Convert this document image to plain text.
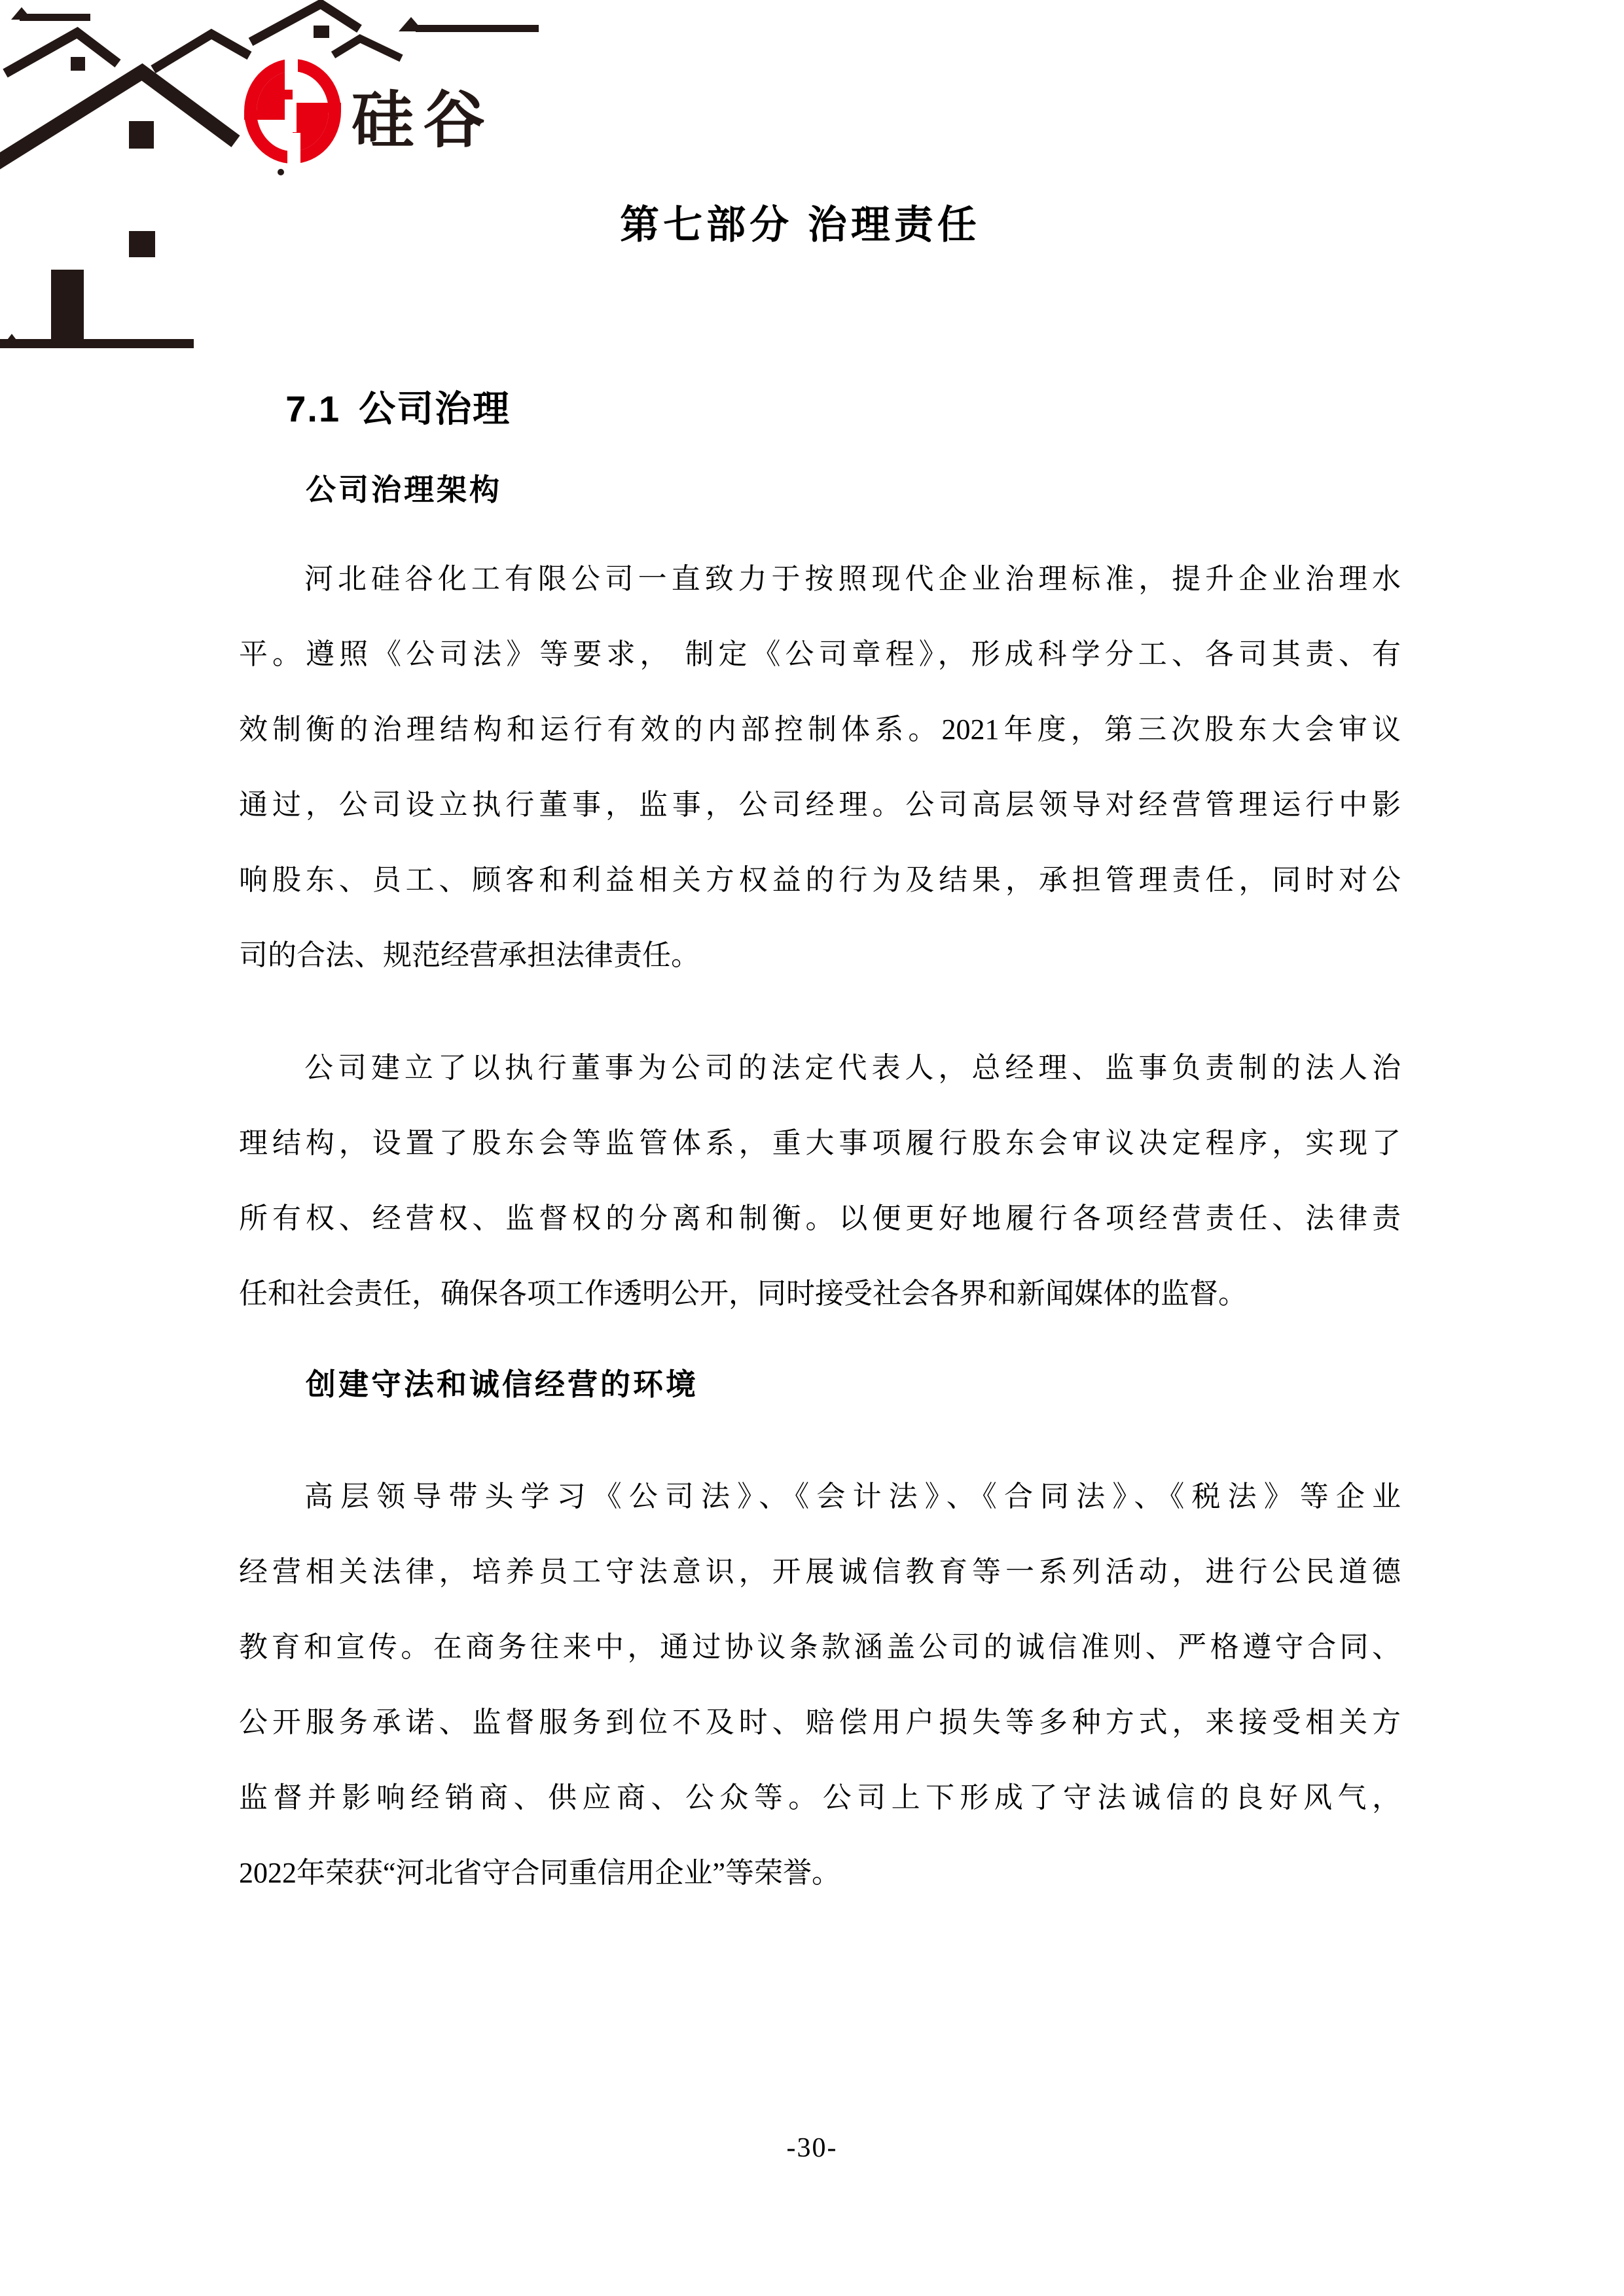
硅谷
第七部分 治理责任

7.1 公司治理

公司治理架构
河北硅谷化工有限公司一直致力于按照现代企业治理标准，提升企业治理水
平。遵照《公司法》等要求， 制定《公司章程》，形成科学分工、各司其责、有
效制衡的治理结构和运行有效的内部控制体系。2021年度，第三次股东大会审议
通过，公司设立执行董事，监事，公司经理。公司高层领导对经营管理运行中影
响股东、员工、顾客和利益相关方权益的行为及结果，承担管理责任，同时对公
司的合法、规范经营承担法律责任。
公司建立了以执行董事为公司的法定代表人，总经理、监事负责制的法人治
理结构，设置了股东会等监管体系，重大事项履行股东会审议决定程序，实现了
所有权、经营权、监督权的分离和制衡。以便更好地履行各项经营责任、法律责
任和社会责任，确保各项工作透明公开，同时接受社会各界和新闻媒体的监督。
创建守法和诚信经营的环境
高层领导带头学习《公司法》、《会计法》、《合同法》、《税法》等企业
经营相关法律，培养员工守法意识，开展诚信教育等一系列活动，进行公民道德
教育和宣传。在商务往来中，通过协议条款涵盖公司的诚信准则、严格遵守合同、
公开服务承诺、监督服务到位不及时、赔偿用户损失等多种方式，来接受相关方
监督并影响经销商、供应商、公众等。公司上下形成了守法诚信的良好风气，
2022年荣获“河北省守合同重信用企业”等荣誉。
-30-
